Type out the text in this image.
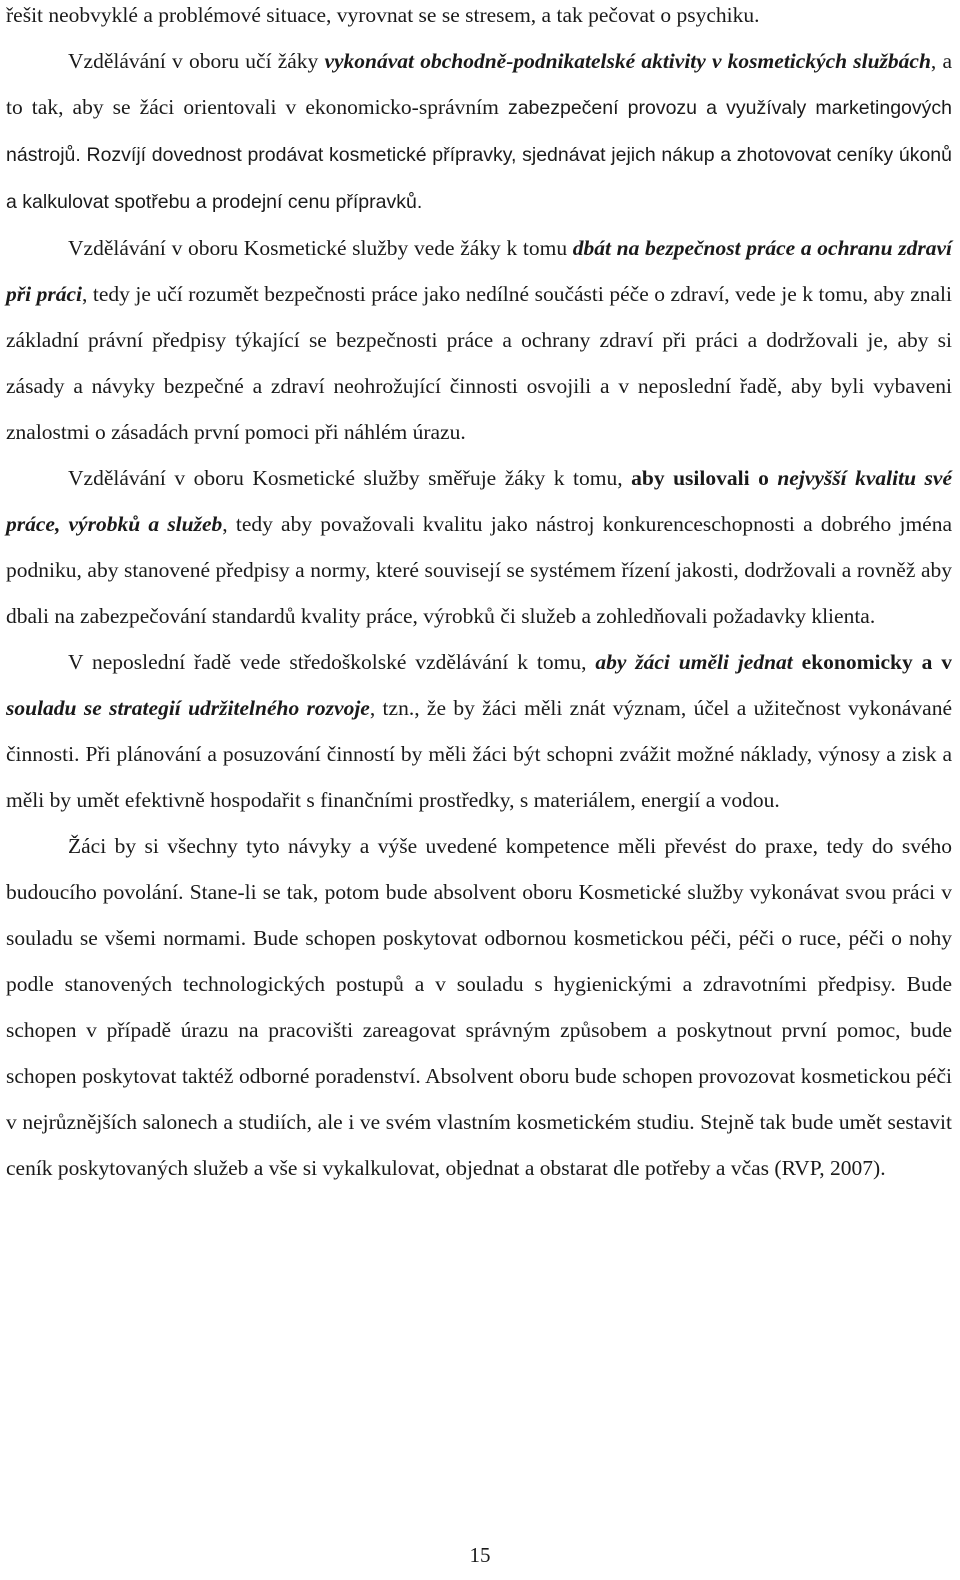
řešit neobvyklé a problémové situace, vyrovnat se se stresem, a tak pečovat o psychiku.

Vzdělávání v oboru učí žáky vykonávat obchodně-podnikatelské aktivity v kosmetických službách, a to tak, aby se žáci orientovali v ekonomicko-správním zabezpečení provozu a využívaly marketingových nástrojů. Rozvíjí dovednost prodávat kosmetické přípravky, sjednávat jejich nákup a zhotovovat ceníky úkonů a kalkulovat spotřebu a prodejní cenu přípravků.

Vzdělávání v oboru Kosmetické služby vede žáky k tomu dbát na bezpečnost práce a ochranu zdraví při práci, tedy je učí rozumět bezpečnosti práce jako nedílné součásti péče o zdraví, vede je k tomu, aby znali základní právní předpisy týkající se bezpečnosti práce a ochrany zdraví při práci a dodržovali je, aby si zásady a návyky bezpečné a zdraví neohrožující činnosti osvojili a v neposlední řadě, aby byli vybaveni znalostmi o zásadách první pomoci při náhlém úrazu.

Vzdělávání v oboru Kosmetické služby směřuje žáky k tomu, aby usilovali o nejvyšší kvalitu své práce, výrobků a služeb, tedy aby považovali kvalitu jako nástroj konkurenceschopnosti a dobrého jména podniku, aby stanovené předpisy a normy, které souvisejí se systémem řízení jakosti, dodržovali a rovněž aby dbali na zabezpečování standardů kvality práce, výrobků či služeb a zohledňovali požadavky klienta.

V neposlední řadě vede středoškolské vzdělávání k tomu, aby žáci uměli jednat ekonomicky a v souladu se strategií udržitelného rozvoje, tzn., že by žáci měli znát význam, účel a užitečnost vykonávané činnosti. Při plánování a posuzování činností by měli žáci být schopni zvážit možné náklady, výnosy a zisk a měli by umět efektivně hospodařit s finančními prostředky, s materiálem, energií a vodou.

Žáci by si všechny tyto návyky a výše uvedené kompetence měli převést do praxe, tedy do svého budoucího povolání. Stane-li se tak, potom bude absolvent oboru Kosmetické služby vykonávat svou práci v souladu se všemi normami. Bude schopen poskytovat odbornou kosmetickou péči, péči o ruce, péči o nohy podle stanovených technologických postupů a v souladu s hygienickými a zdravotními předpisy. Bude schopen v případě úrazu na pracovišti zareagovat správným způsobem a poskytnout první pomoc, bude schopen poskytovat taktéž odborné poradenství. Absolvent oboru bude schopen provozovat kosmetickou péči v nejrůznějších salonech a studiích, ale i ve svém vlastním kosmetickém studiu. Stejně tak bude umět sestavit ceník poskytovaných služeb a vše si vykalkulovat, objednat a obstarat dle potřeby a včas (RVP, 2007).

15
